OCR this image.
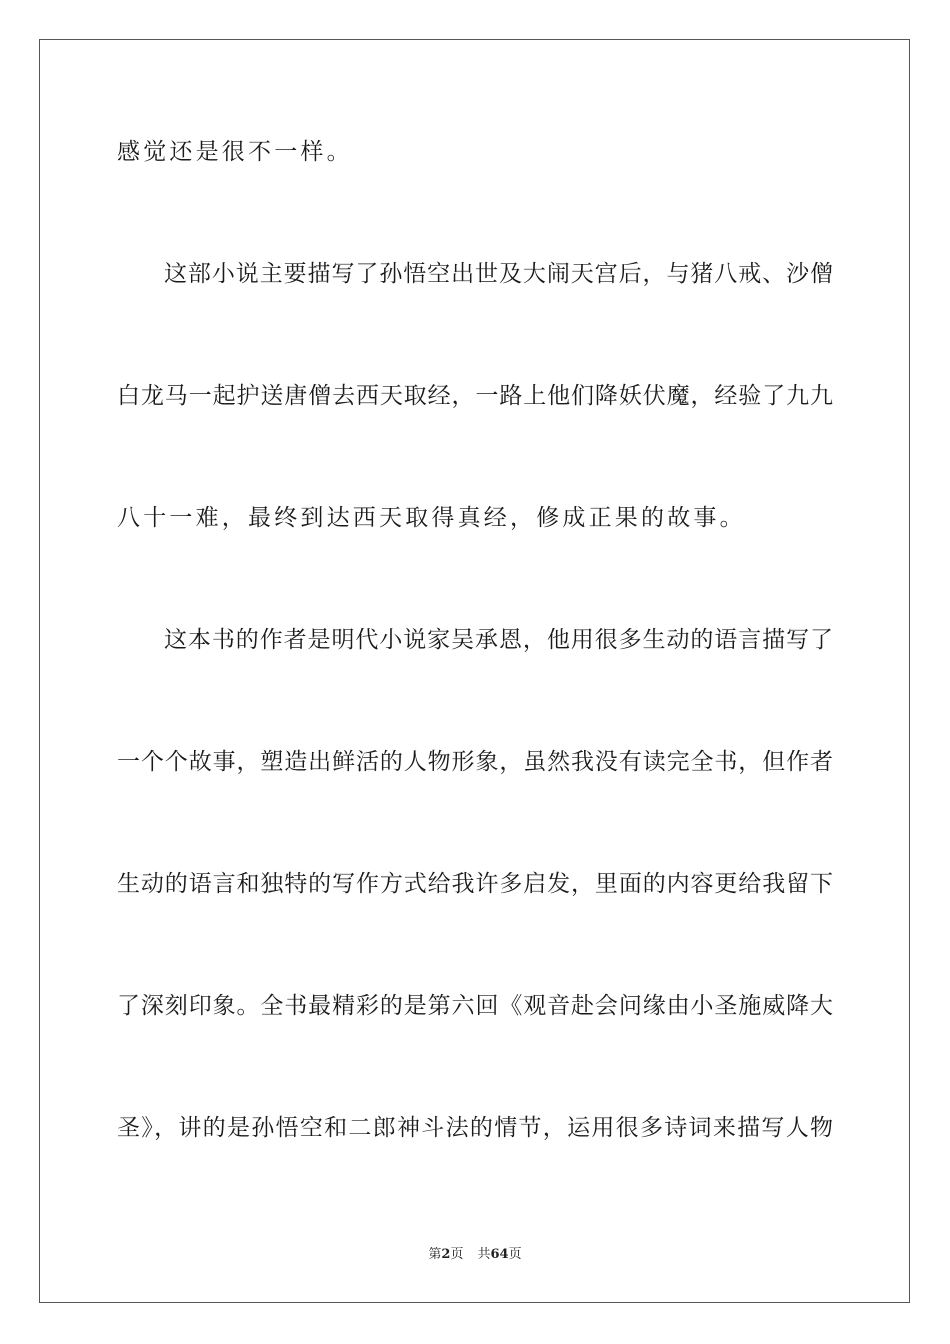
感觉还是很不一样。
这部小说主要描写了孙悟空出世及大闹天宫后，与猪八戒、沙僧
白龙马一起护送唐僧去西天取经，一路上他们降妖伏魔，经验了九九
八十一难，最终到达西天取得真经，修成正果的故事。
这本书的作者是明代小说家吴承恩，他用很多生动的语言描写了
一个个故事，塑造出鲜活的人物形象，虽然我没有读完全书，但作者
生动的语言和独特的写作方式给我许多启发，里面的内容更给我留下
了深刻印象。全书最精彩的是第六回《观音赴会问缘由小圣施威降大
圣》，讲的是孙悟空和二郎神斗法的情节，运用很多诗词来描写人物
第2页 共64页
